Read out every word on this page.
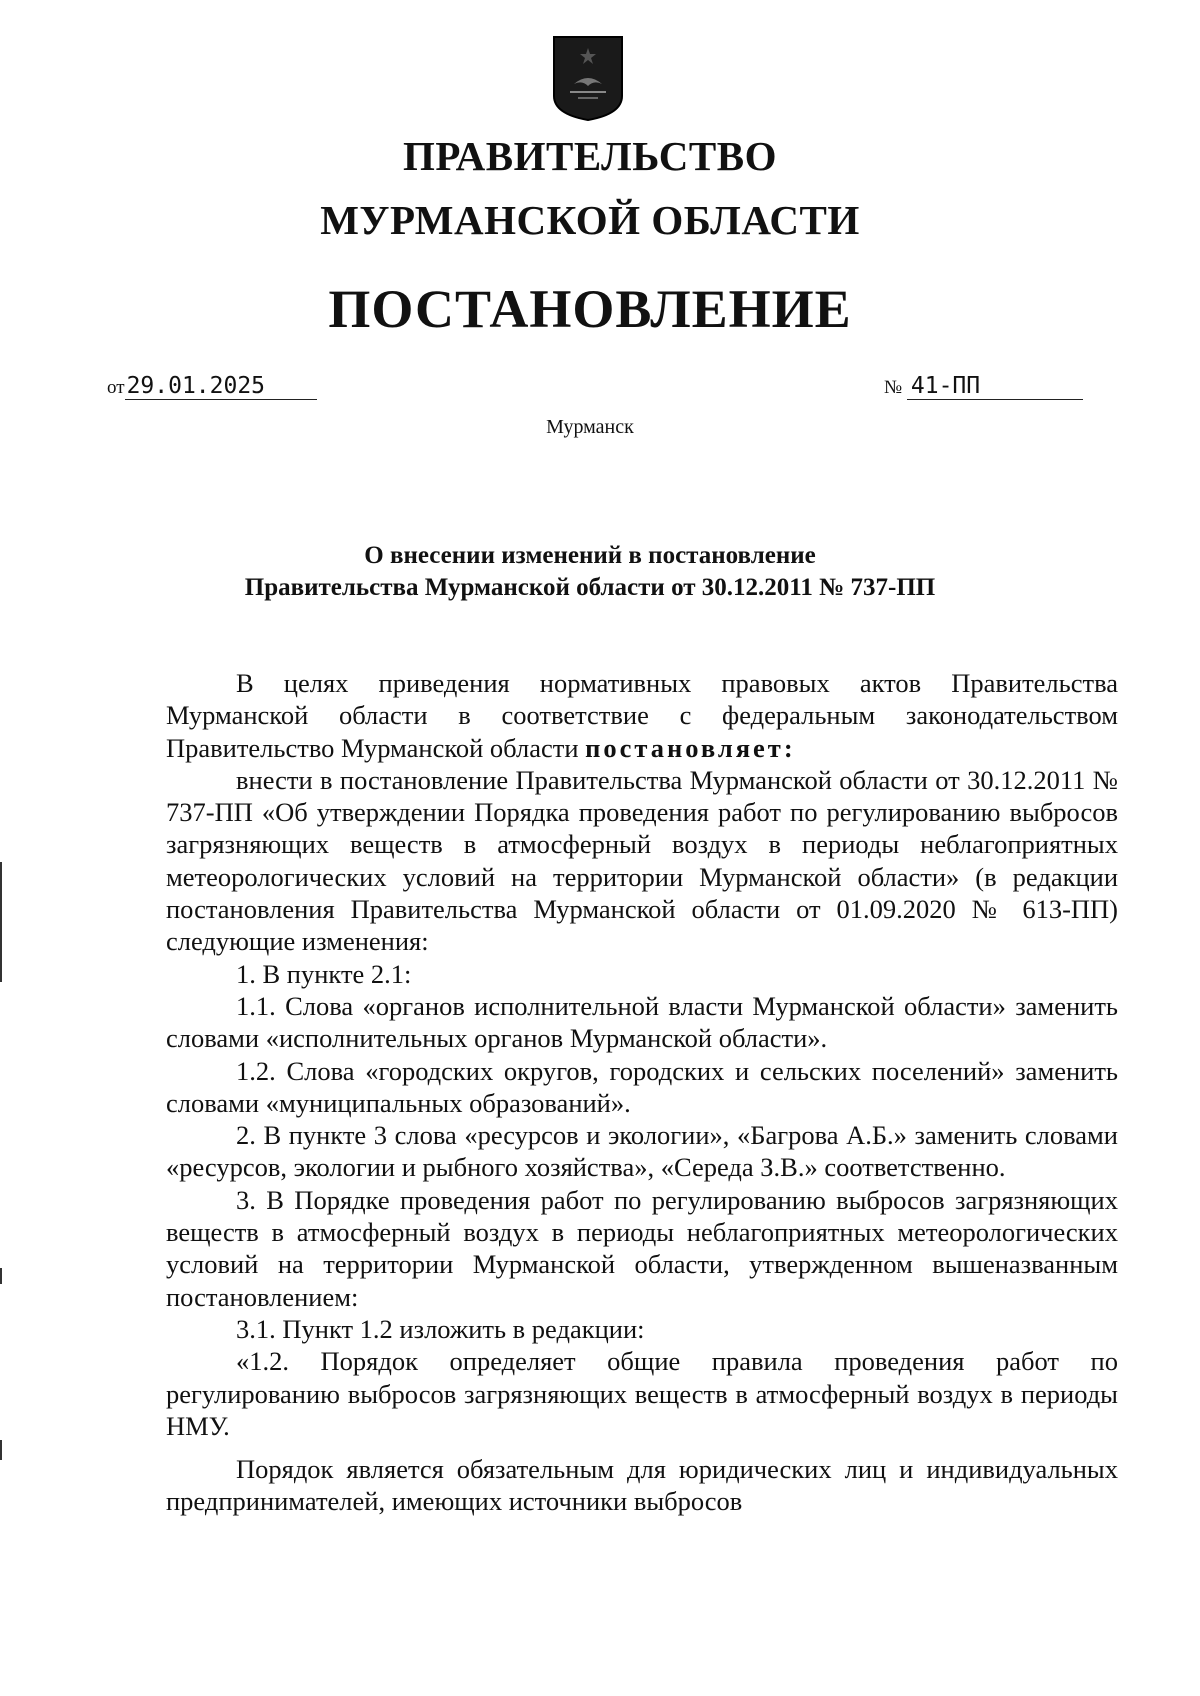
ПРАВИТЕЛЬСТВО
МУРМАНСКОЙ ОБЛАСТИ
ПОСТАНОВЛЕНИЕ
от29.01.2025	№ 41-ПП
Мурманск
О внесении изменений в постановление
Правительства Мурманской области от 30.12.2011 № 737-ПП

В целях приведения нормативных правовых актов Правительства Мурманской области в соответствие с федеральным законодательством Правительство Мурманской области постановляет:

внести в постановление Правительства Мурманской области от 30.12.2011 № 737-ПП «Об утверждении Порядка проведения работ по регулированию выбросов загрязняющих веществ в атмосферный воздух в периоды неблагоприятных метеорологических условий на территории Мурманской области» (в редакции постановления Правительства Мурманской области от 01.09.2020 № 613-ПП) следующие изменения:

1. В пункте 2.1:

1.1. Слова «органов исполнительной власти Мурманской области» заменить словами «исполнительных органов Мурманской области».

1.2. Слова «городских округов, городских и сельских поселений» заменить словами «муниципальных образований».

2. В пункте 3 слова «ресурсов и экологии», «Багрова А.Б.» заменить словами «ресурсов, экологии и рыбного хозяйства», «Середа З.В.» соответственно.

3. В Порядке проведения работ по регулированию выбросов загрязняющих веществ в атмосферный воздух в периоды неблагоприятных метеорологических условий на территории Мурманской области, утвержденном вышеназванным постановлением:

3.1. Пункт 1.2 изложить в редакции:

«1.2. Порядок определяет общие правила проведения работ по регулированию выбросов загрязняющих веществ в атмосферный воздух в периоды НМУ.

Порядок является обязательным для юридических лиц и индивидуальных предпринимателей, имеющих источники выбросов
